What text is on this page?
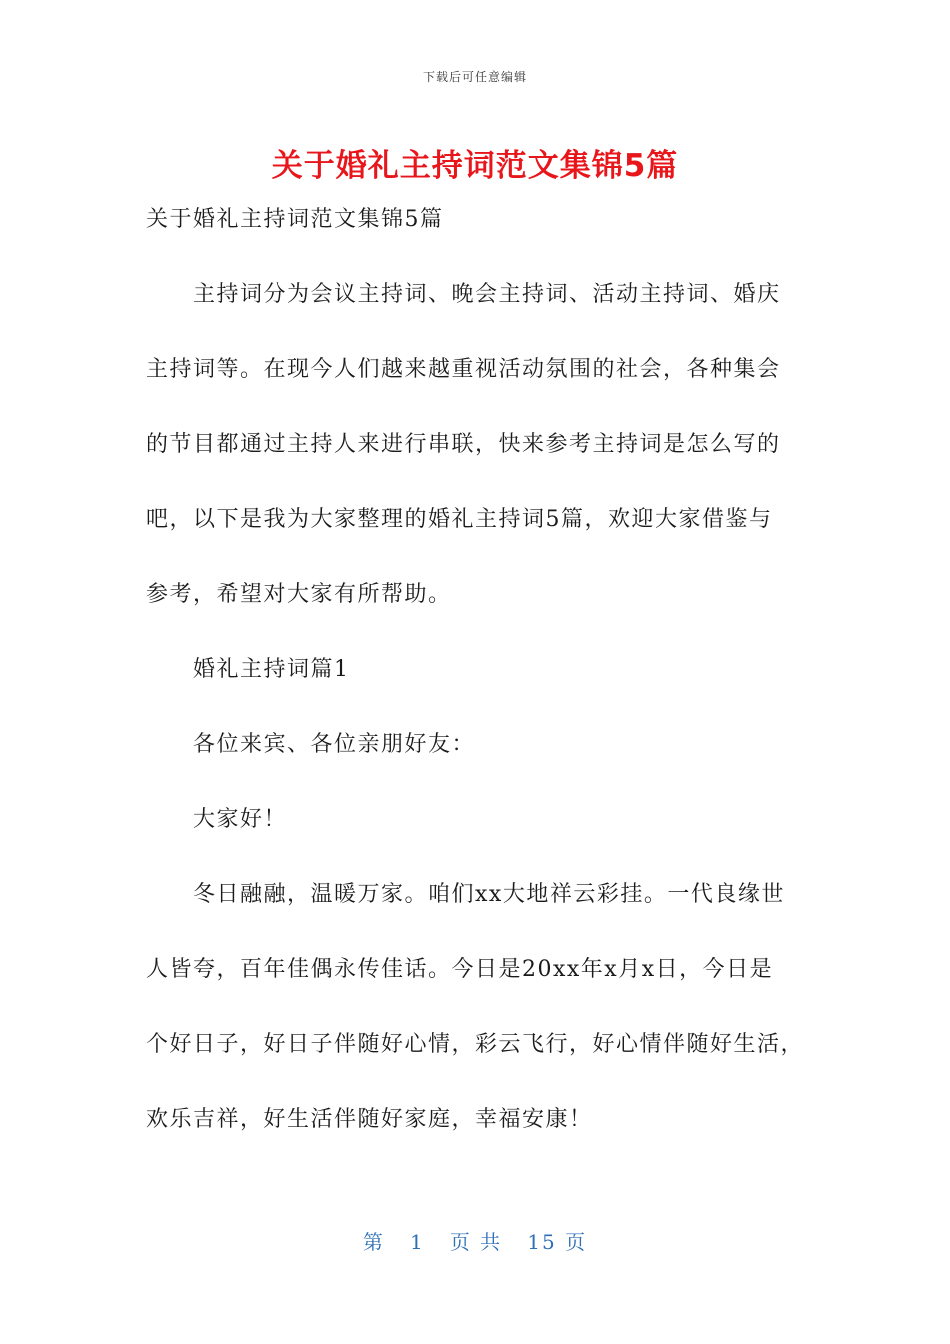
下载后可任意编辑
关于婚礼主持词范文集锦5篇
关于婚礼主持词范文集锦5篇
主持词分为会议主持词、晚会主持词、活动主持词、婚庆
主持词等。在现今人们越来越重视活动氛围的社会，各种集会
的节目都通过主持人来进行串联，快来参考主持词是怎么写的
吧，以下是我为大家整理的婚礼主持词5篇，欢迎大家借鉴与
参考，希望对大家有所帮助。
婚礼主持词篇1
各位来宾、各位亲朋好友：
大家好！
冬日融融，温暖万家。咱们xx大地祥云彩挂。一代良缘世
人皆夸，百年佳偶永传佳话。今日是20xx年x月x日，今日是
个好日子，好日子伴随好心情，彩云飞行，好心情伴随好生活，
欢乐吉祥，好生活伴随好家庭，幸福安康！
第 1 页 共 15 页
